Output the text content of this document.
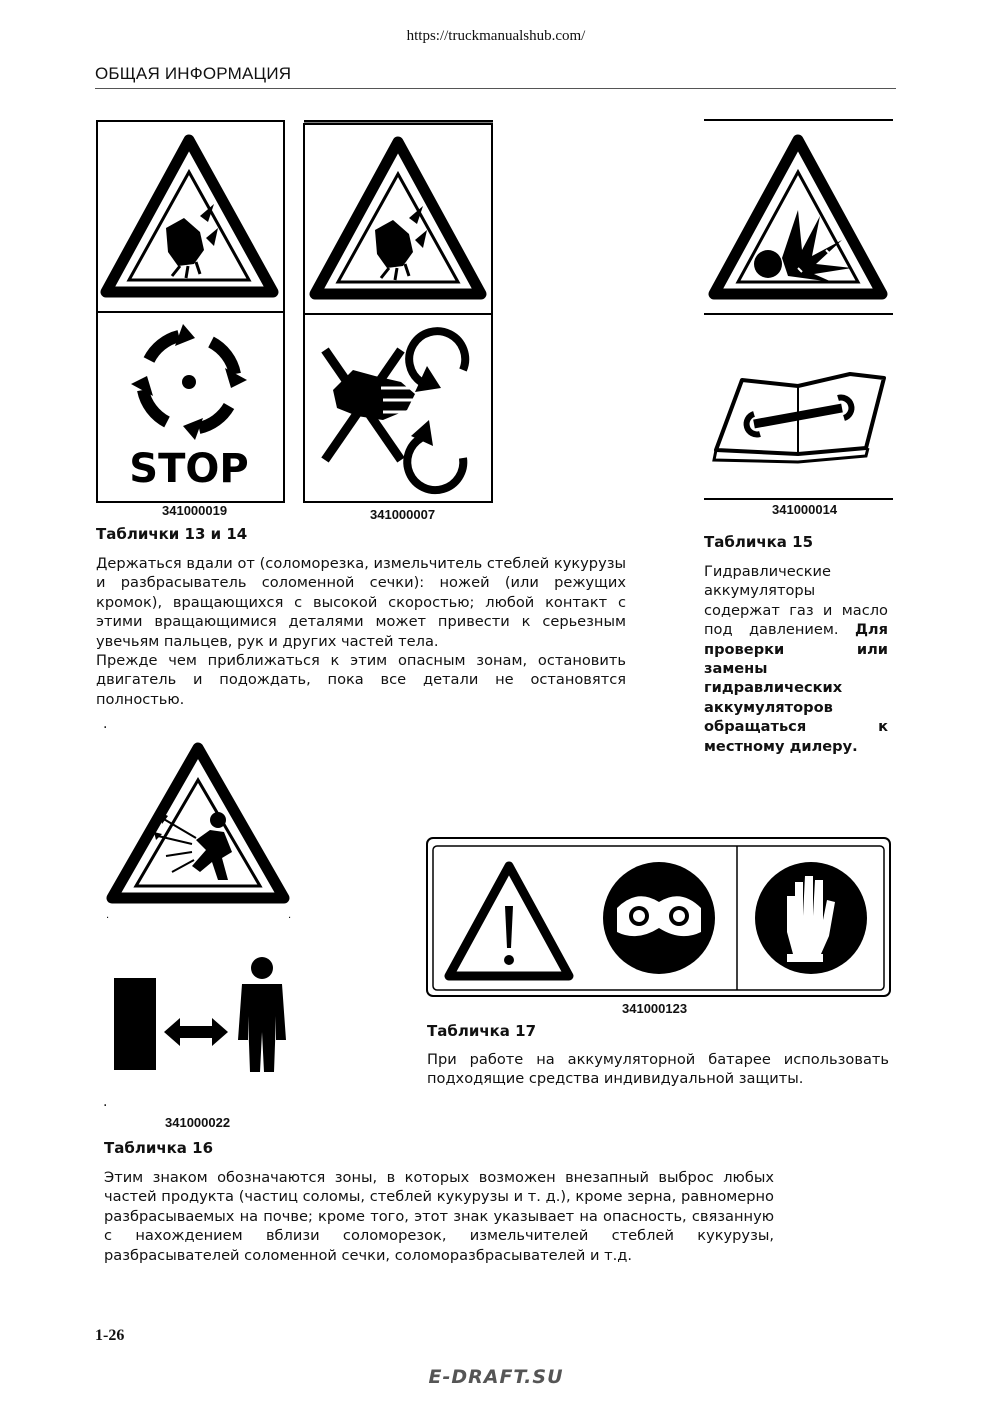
https://truckmanualshub.com/
ОБЩАЯ ИНФОРМАЦИЯ
STOP
341000019	341000007
Таблички 13 и 14

Держаться вдали от (соломорезка, измельчитель стеблей кукурузы и разбрасыватель соломенной сечки): ножей (или режущих кромок), вращающихся с высокой скоростью; любой контакт с этими вращающимися деталями может привести к серьезным увечьям пальцев, рук и других частей тела.

Прежде чем приближаться к этим опасным зонам, остановить двигатель и подождать, пока все детали не остановятся полностью.

.
341000014
Табличка 15

Гидравлические аккумуляторы содержат газ и масло под давлением. Для проверки или замены гидравлических аккумуляторов обращаться к местному дилеру.

.	.
.
341000022
Табличка 16

Этим знаком обозначаются зоны, в которых возможен внезапный выброс любых частей продукта (частиц соломы, стеблей кукурузы и т. д.), кроме зерна, равномерно разбрасываемых на почве; кроме того, этот знак указывает на опасность, связанную с нахождением вблизи соломорезок, измельчителей стеблей кукурузы, разбрасывателей соломенной сечки, соломоразбрасывателей и т.д.

341000123
Табличка 17

При работе на аккумуляторной батарее использовать подходящие средства индивидуальной защиты.

1-26
E-DRAFT.SU
